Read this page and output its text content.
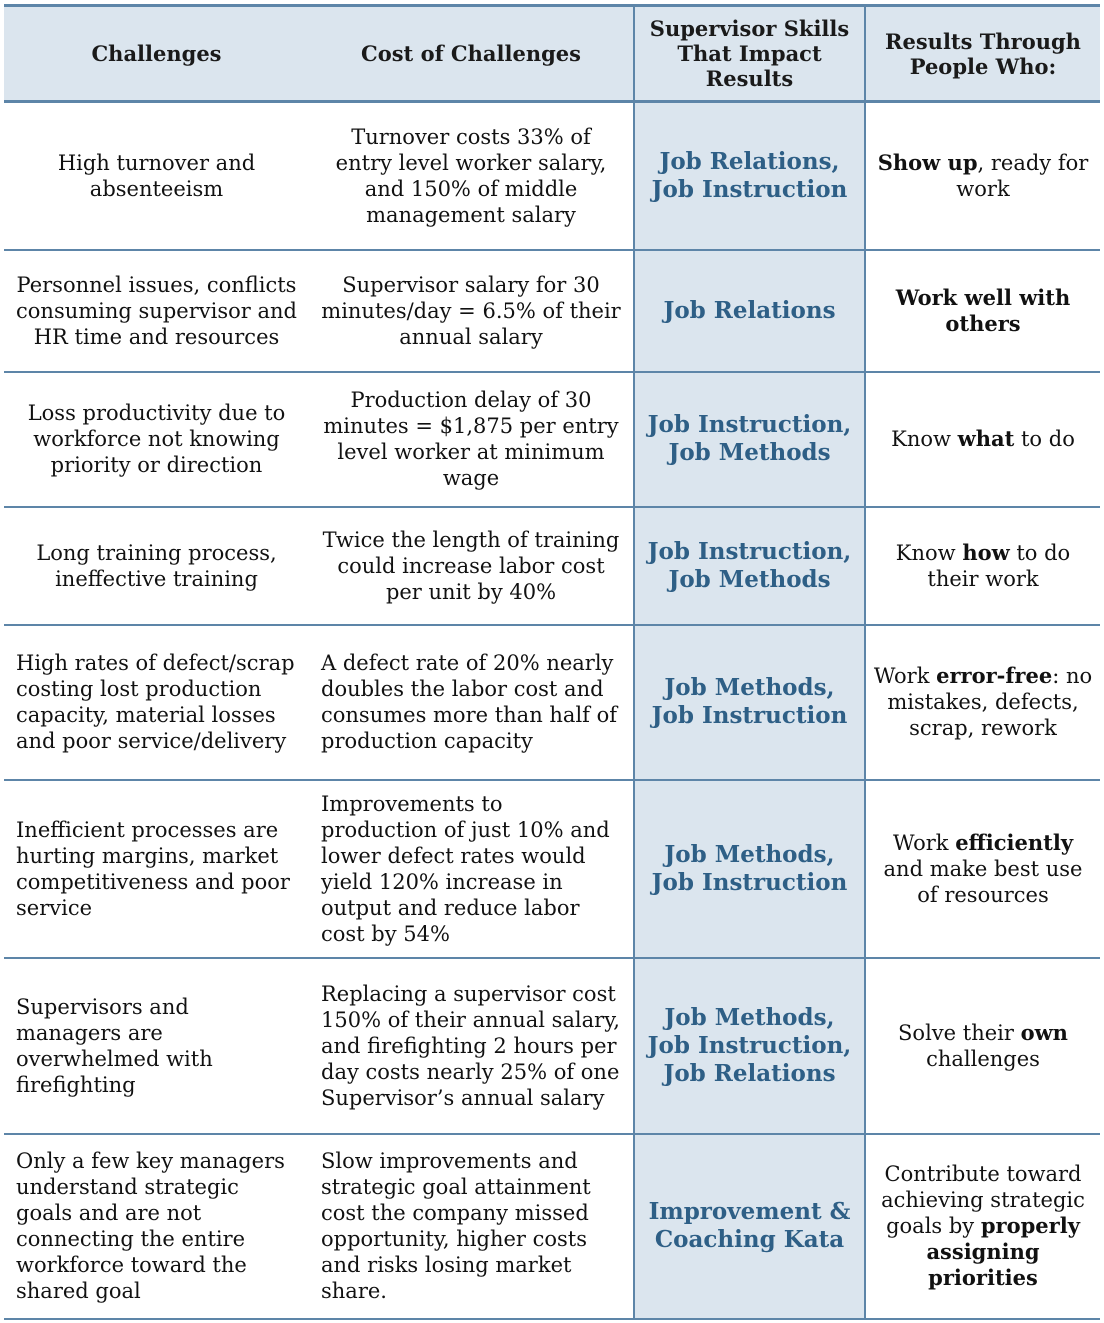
Challenges	Cost of Challenges	Supervisor Skills That Impact Results	Results Through People Who:
High turnover and absenteeism	Turnover costs 33% of entry level worker salary, and 150% of middle management salary	Job Relations, Job Instruction	Show up, ready for work
Personnel issues, conflicts consuming supervisor and HR time and resources	Supervisor salary for 30 minutes/day = 6.5% of their annual salary	Job Relations	Work well with others
Loss productivity due to workforce not knowing priority or direction	Production delay of 30 minutes = $1,875 per entry level worker at minimum wage	Job Instruction, Job Methods	Know what to do
Long training process, ineffective training	Twice the length of training could increase labor cost per unit by 40%	Job Instruction, Job Methods	Know how to do their work
High rates of defect/scrap costing lost production capacity, material losses and poor service/delivery	A defect rate of 20% nearly doubles the labor cost and consumes more than half of production capacity	Job Methods, Job Instruction	Work error-free: no mistakes, defects, scrap, rework
Inefficient processes are hurting margins, market competitiveness and poor service	Improvements to production of just 10% and lower defect rates would yield 120% increase in output and reduce labor cost by 54%	Job Methods, Job Instruction	Work efficiently and make best use of resources
Supervisors and managers are overwhelmed with firefighting	Replacing a supervisor cost 150% of their annual salary, and firefighting 2 hours per day costs nearly 25% of one Supervisor’s annual salary	Job Methods, Job Instruction, Job Relations	Solve their own challenges
Only a few key managers understand strategic goals and are not connecting the entire workforce toward the shared goal	Slow improvements and strategic goal attainment cost the company missed opportunity, higher costs and risks losing market share.	Improvement & Coaching Kata	Contribute toward achieving strategic goals by properly assigning priorities
